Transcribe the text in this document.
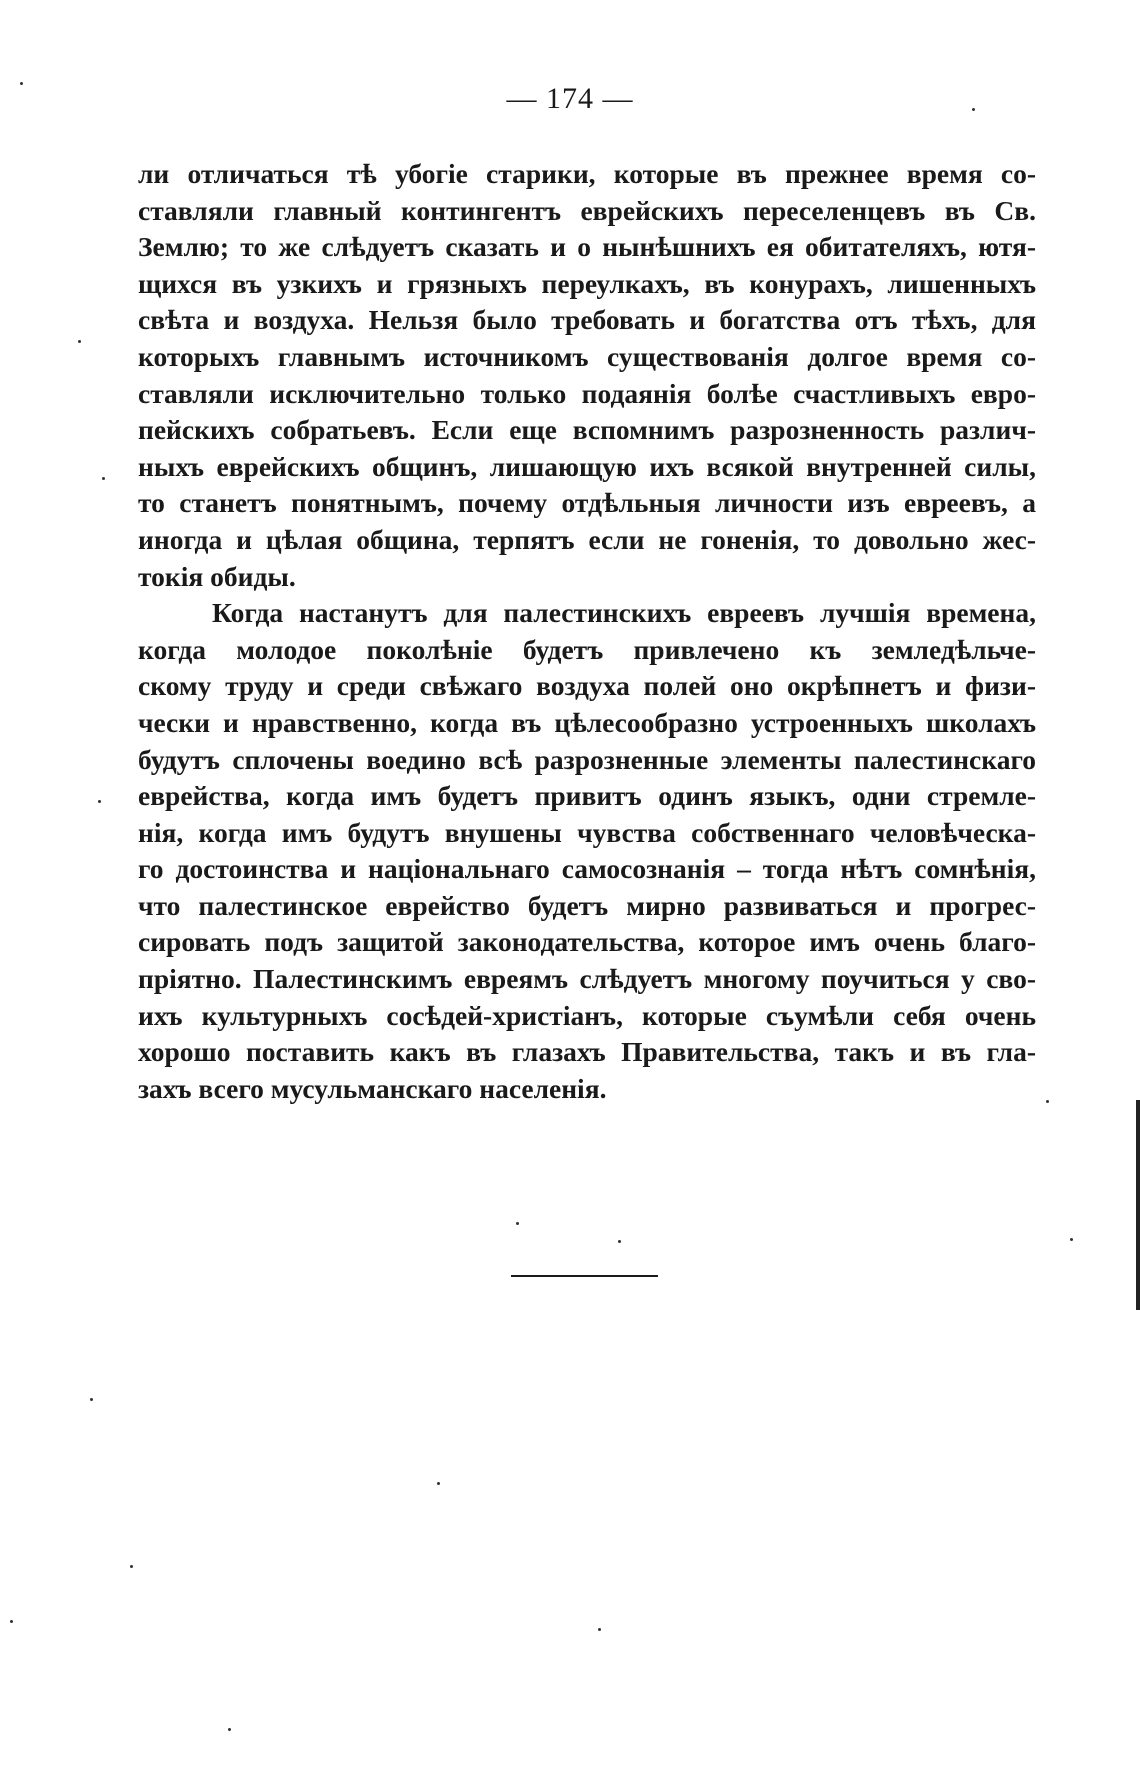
— 174 —
ли отличаться тѣ убогіе старики, которые въ прежнее время со-
ставляли главный контингентъ еврейскихъ переселенцевъ въ Св.
Землю; то же слѣдуетъ сказать и о нынѣшнихъ ея обитателяхъ, ютя-
щихся въ узкихъ и грязныхъ переулкахъ, въ конурахъ, лишенныхъ
свѣта и воздуха. Нельзя было требовать и богатства отъ тѣхъ, для
которыхъ главнымъ источникомъ существованія долгое время со-
ставляли исключительно только подаянія болѣе счастливыхъ евро-
пейскихъ собратьевъ. Если еще вспомнимъ разрозненность различ-
ныхъ еврейскихъ общинъ, лишающую ихъ всякой внутренней силы,
то станетъ понятнымъ, почему отдѣльныя личности изъ евреевъ, а
иногда и цѣлая община, терпятъ если не гоненія, то довольно жес-
токія обиды.
Когда настанутъ для палестинскихъ евреевъ лучшія времена,
когда молодое поколѣніе будетъ привлечено къ земледѣльче-
скому труду и среди свѣжаго воздуха полей оно окрѣпнетъ и физи-
чески и нравственно, когда въ цѣлесообразно устроенныхъ школахъ
будутъ сплочены воедино всѣ разрозненные элементы палестинскаго
еврейства, когда имъ будетъ привитъ одинъ языкъ, одни стремле-
нія, когда имъ будутъ внушены чувства собственнаго человѣческа-
го достоинства и національнаго самосознанія – тогда нѣтъ сомнѣнія,
что палестинское еврейство будетъ мирно развиваться и прогрес-
сировать подъ защитой законодательства, которое имъ очень благо-
пріятно. Палестинскимъ евреямъ слѣдуетъ многому поучиться у сво-
ихъ культурныхъ сосѣдей-христіанъ, которые съумѣли себя очень
хорошо поставить какъ въ глазахъ Правительства, такъ и въ гла-
захъ всего мусульманскаго населенія.
